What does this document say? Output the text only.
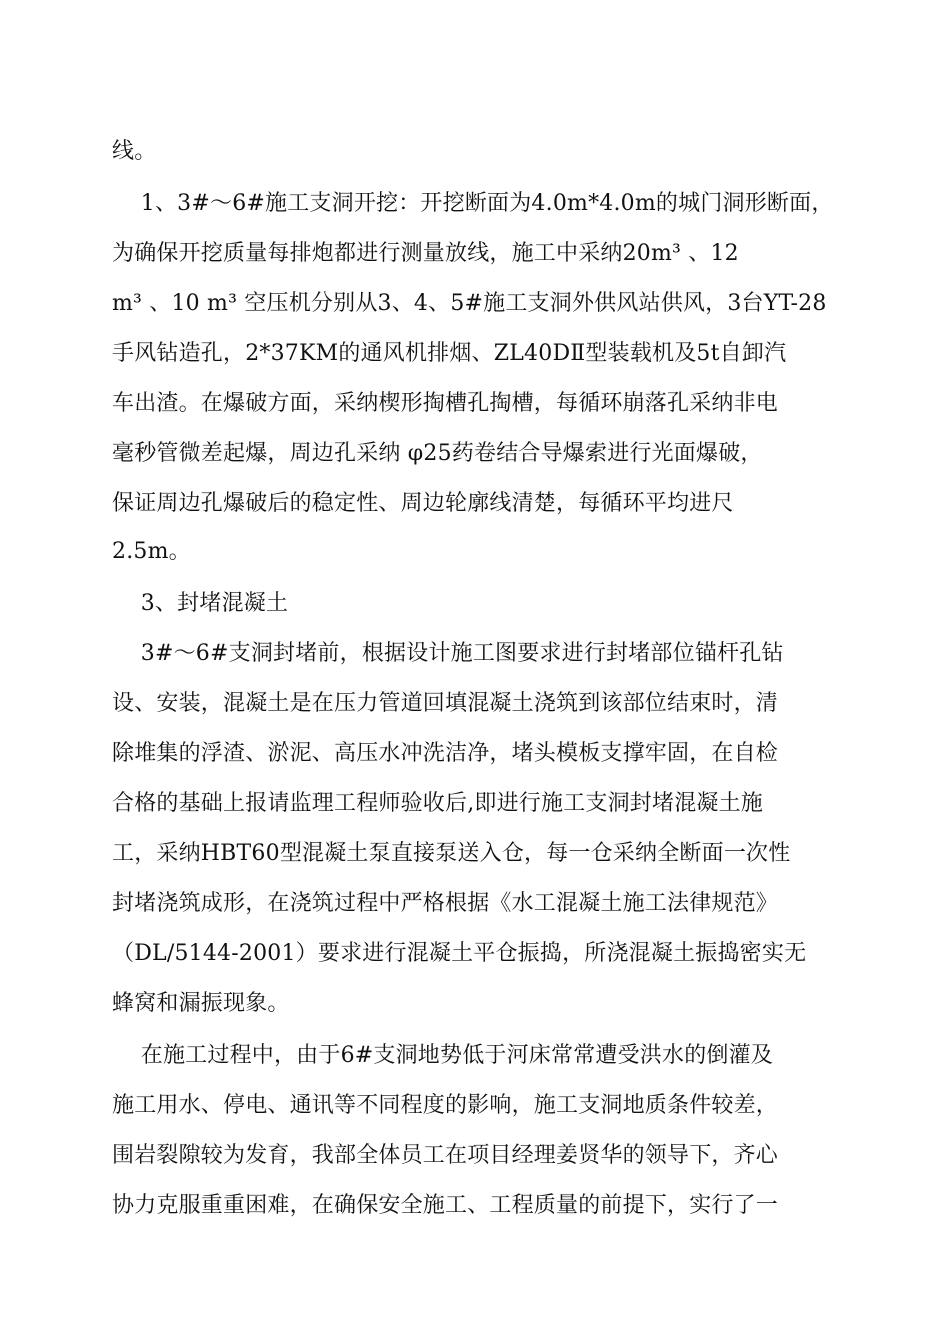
线。
1、3#～6#施工支洞开挖：开挖断面为4.0m*4.0m的城门洞形断面，
为确保开挖质量每排炮都进行测量放线，施工中采纳20m³ 、12
m³ 、10 m³ 空压机分别从3、4、5#施工支洞外供风站供风，3台YT-28
手风钻造孔，2*37KM的通风机排烟、ZL40DⅡ型装载机及5t自卸汽
车出渣。在爆破方面，采纳楔形掏槽孔掏槽，每循环崩落孔采纳非电
毫秒管微差起爆，周边孔采纳 φ25药卷结合导爆索进行光面爆破，
保证周边孔爆破后的稳定性、周边轮廓线清楚，每循环平均进尺
2.5m。
3、封堵混凝土
3#～6#支洞封堵前，根据设计施工图要求进行封堵部位锚杆孔钻
设、安装，混凝土是在压力管道回填混凝土浇筑到该部位结束时，清
除堆集的浮渣、淤泥、高压水冲洗洁净，堵头模板支撑牢固，在自检
合格的基础上报请监理工程师验收后,即进行施工支洞封堵混凝土施
工，采纳HBT60型混凝土泵直接泵送入仓，每一仓采纳全断面一次性
封堵浇筑成形，在浇筑过程中严格根据《水工混凝土施工法律规范》
（DL/5144-2001）要求进行混凝土平仓振捣，所浇混凝土振捣密实无
蜂窝和漏振现象。
在施工过程中，由于6#支洞地势低于河床常常遭受洪水的倒灌及
施工用水、停电、通讯等不同程度的影响，施工支洞地质条件较差，
围岩裂隙较为发育，我部全体员工在项目经理姜贤华的领导下，齐心
协力克服重重困难，在确保安全施工、工程质量的前提下，实行了一
